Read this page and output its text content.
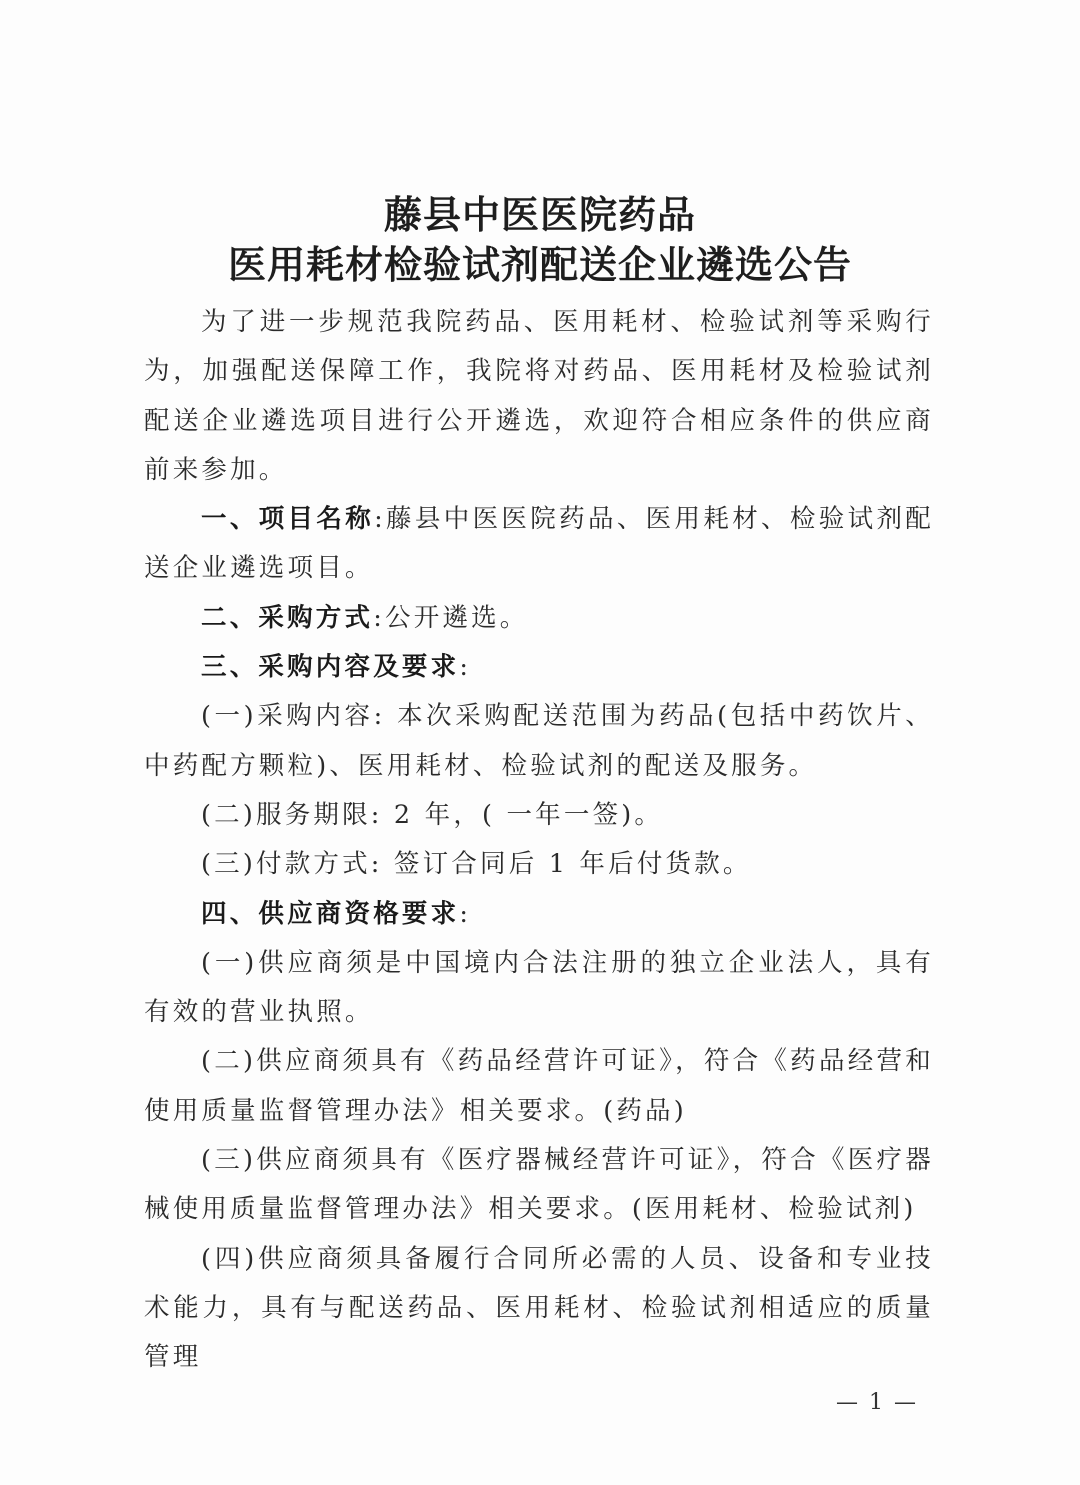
藤县中医医院药品
医用耗材检验试剂配送企业遴选公告

为了进一步规范我院药品、医用耗材、检验试剂等采购行为，加强配送保障工作，我院将对药品、医用耗材及检验试剂配送企业遴选项目进行公开遴选，欢迎符合相应条件的供应商前来参加。

一、项目名称:藤县中医医院药品、医用耗材、检验试剂配送企业遴选项目。

二、采购方式:公开遴选。

三、采购内容及要求:

(一)采购内容: 本次采购配送范围为药品(包括中药饮片、中药配方颗粒)、医用耗材、检验试剂的配送及服务。

(二)服务期限: 2 年，( 一年一签)。

(三)付款方式: 签订合同后 1 年后付货款。

四、供应商资格要求:

(一)供应商须是中国境内合法注册的独立企业法人，具有有效的营业执照。

(二)供应商须具有《药品经营许可证》，符合《药品经营和使用质量监督管理办法》相关要求。(药品)

(三)供应商须具有《医疗器械经营许可证》，符合《医疗器械使用质量监督管理办法》相关要求。(医用耗材、检验试剂)

(四)供应商须具备履行合同所必需的人员、设备和专业技术能力，具有与配送药品、医用耗材、检验试剂相适应的质量管理

— 1 —
